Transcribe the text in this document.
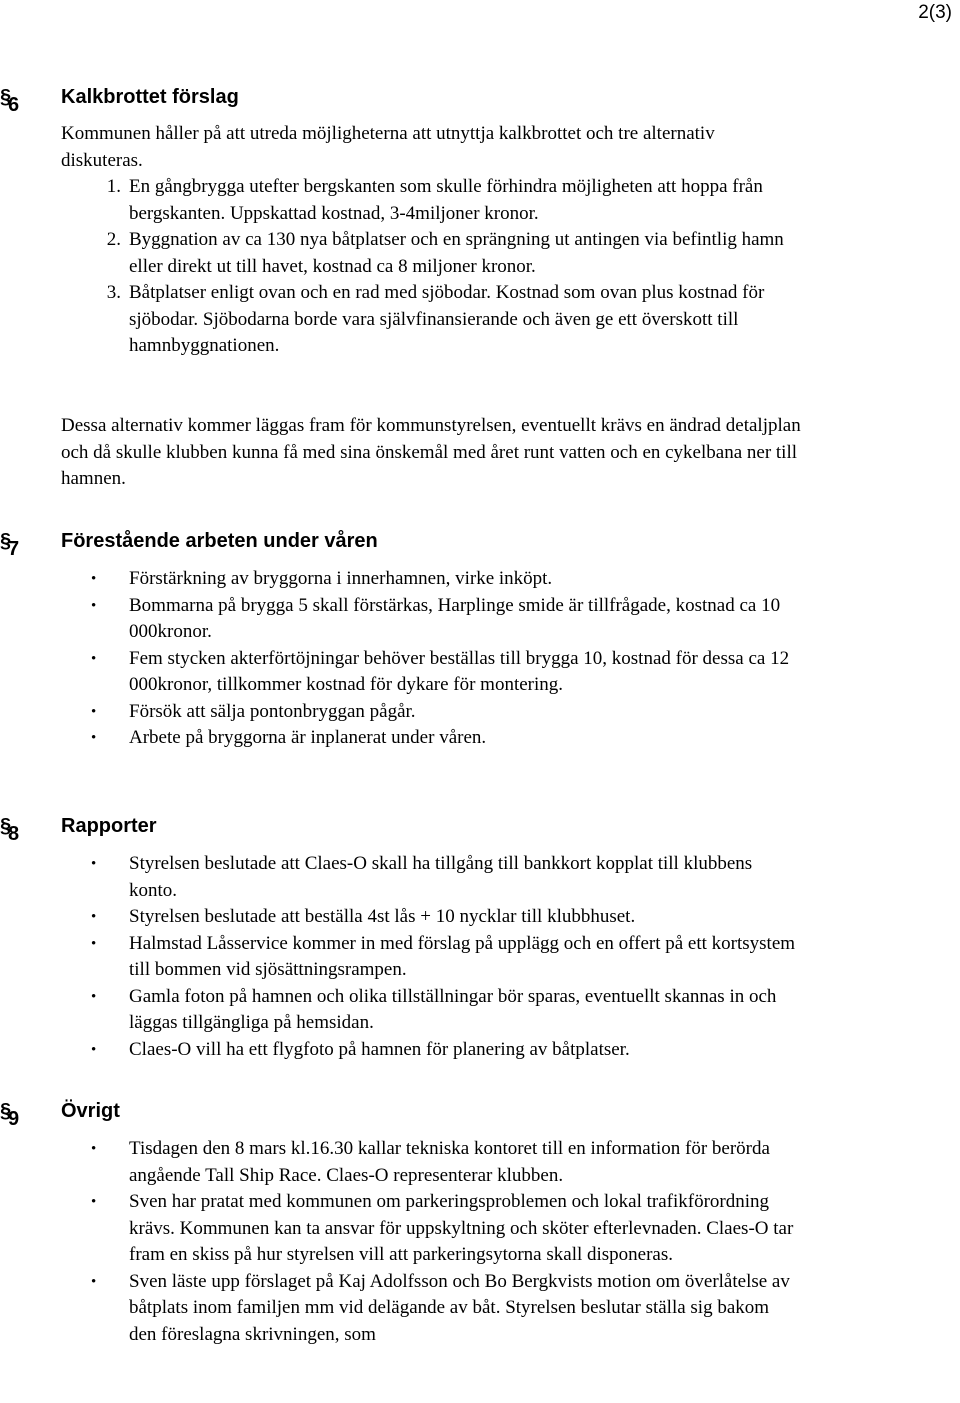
2(3)
§
6 Kalkbrottet förslag

Kommunen håller på att utreda möjligheterna att utnyttja kalkbrottet och tre alternativ diskuteras.

1. En gångbrygga utefter bergskanten som skulle förhindra möjligheten att hoppa från bergskanten. Uppskattad kostnad, 3-4miljoner kronor.
2. Byggnation av ca 130 nya båtplatser och en sprängning ut antingen via befintlig hamn eller direkt ut till havet, kostnad ca 8 miljoner kronor.
3. Båtplatser enligt ovan och en rad med sjöbodar. Kostnad som ovan plus kostnad för sjöbodar. Sjöbodarna borde vara självfinansierande och även ge ett överskott till hamnbyggnationen.

Dessa alternativ kommer läggas fram för kommunstyrelsen, eventuellt krävs en ändrad detaljplan och då skulle klubben kunna få med sina önskemål med året runt vatten och en cykelbana ner till hamnen.

§
7 Förestående arbeten under våren
• Förstärkning av bryggorna i innerhamnen, virke inköpt.
• Bommarna på brygga 5 skall förstärkas, Harplinge smide är tillfrågade, kostnad ca 10 000kronor.
• Fem stycken akterförtöjningar behöver beställas till brygga 10, kostnad för dessa ca 12 000kronor, tillkommer kostnad för dykare för montering.
• Försök att sälja pontonbryggan pågår.
• Arbete på bryggorna är inplanerat under våren.
§
8 Rapporter
• Styrelsen beslutade att Claes-O skall ha tillgång till bankkort kopplat till klubbens konto.
• Styrelsen beslutade att beställa 4st lås + 10 nycklar till klubbhuset.
• Halmstad Låsservice kommer in med förslag på upplägg och en offert på ett kortsystem till bommen vid sjösättningsrampen.
• Gamla foton på hamnen och olika tillställningar bör sparas, eventuellt skannas in och läggas tillgängliga på hemsidan.
• Claes-O vill ha ett flygfoto på hamnen för planering av båtplatser.
§
9 Övrigt
• Tisdagen den 8 mars kl.16.30 kallar tekniska kontoret till en information för berörda angående Tall Ship Race. Claes-O representerar klubben.
• Sven har pratat med kommunen om parkeringsproblemen och lokal trafikförordning krävs. Kommunen kan ta ansvar för uppskyltning och sköter efterlevnaden. Claes-O tar fram en skiss på hur styrelsen vill att parkeringsytorna skall disponeras.
• Sven läste upp förslaget på Kaj Adolfsson och Bo Bergkvists motion om överlåtelse av båtplats inom familjen mm vid delägande av båt. Styrelsen beslutar ställa sig bakom den föreslagna skrivningen, som
